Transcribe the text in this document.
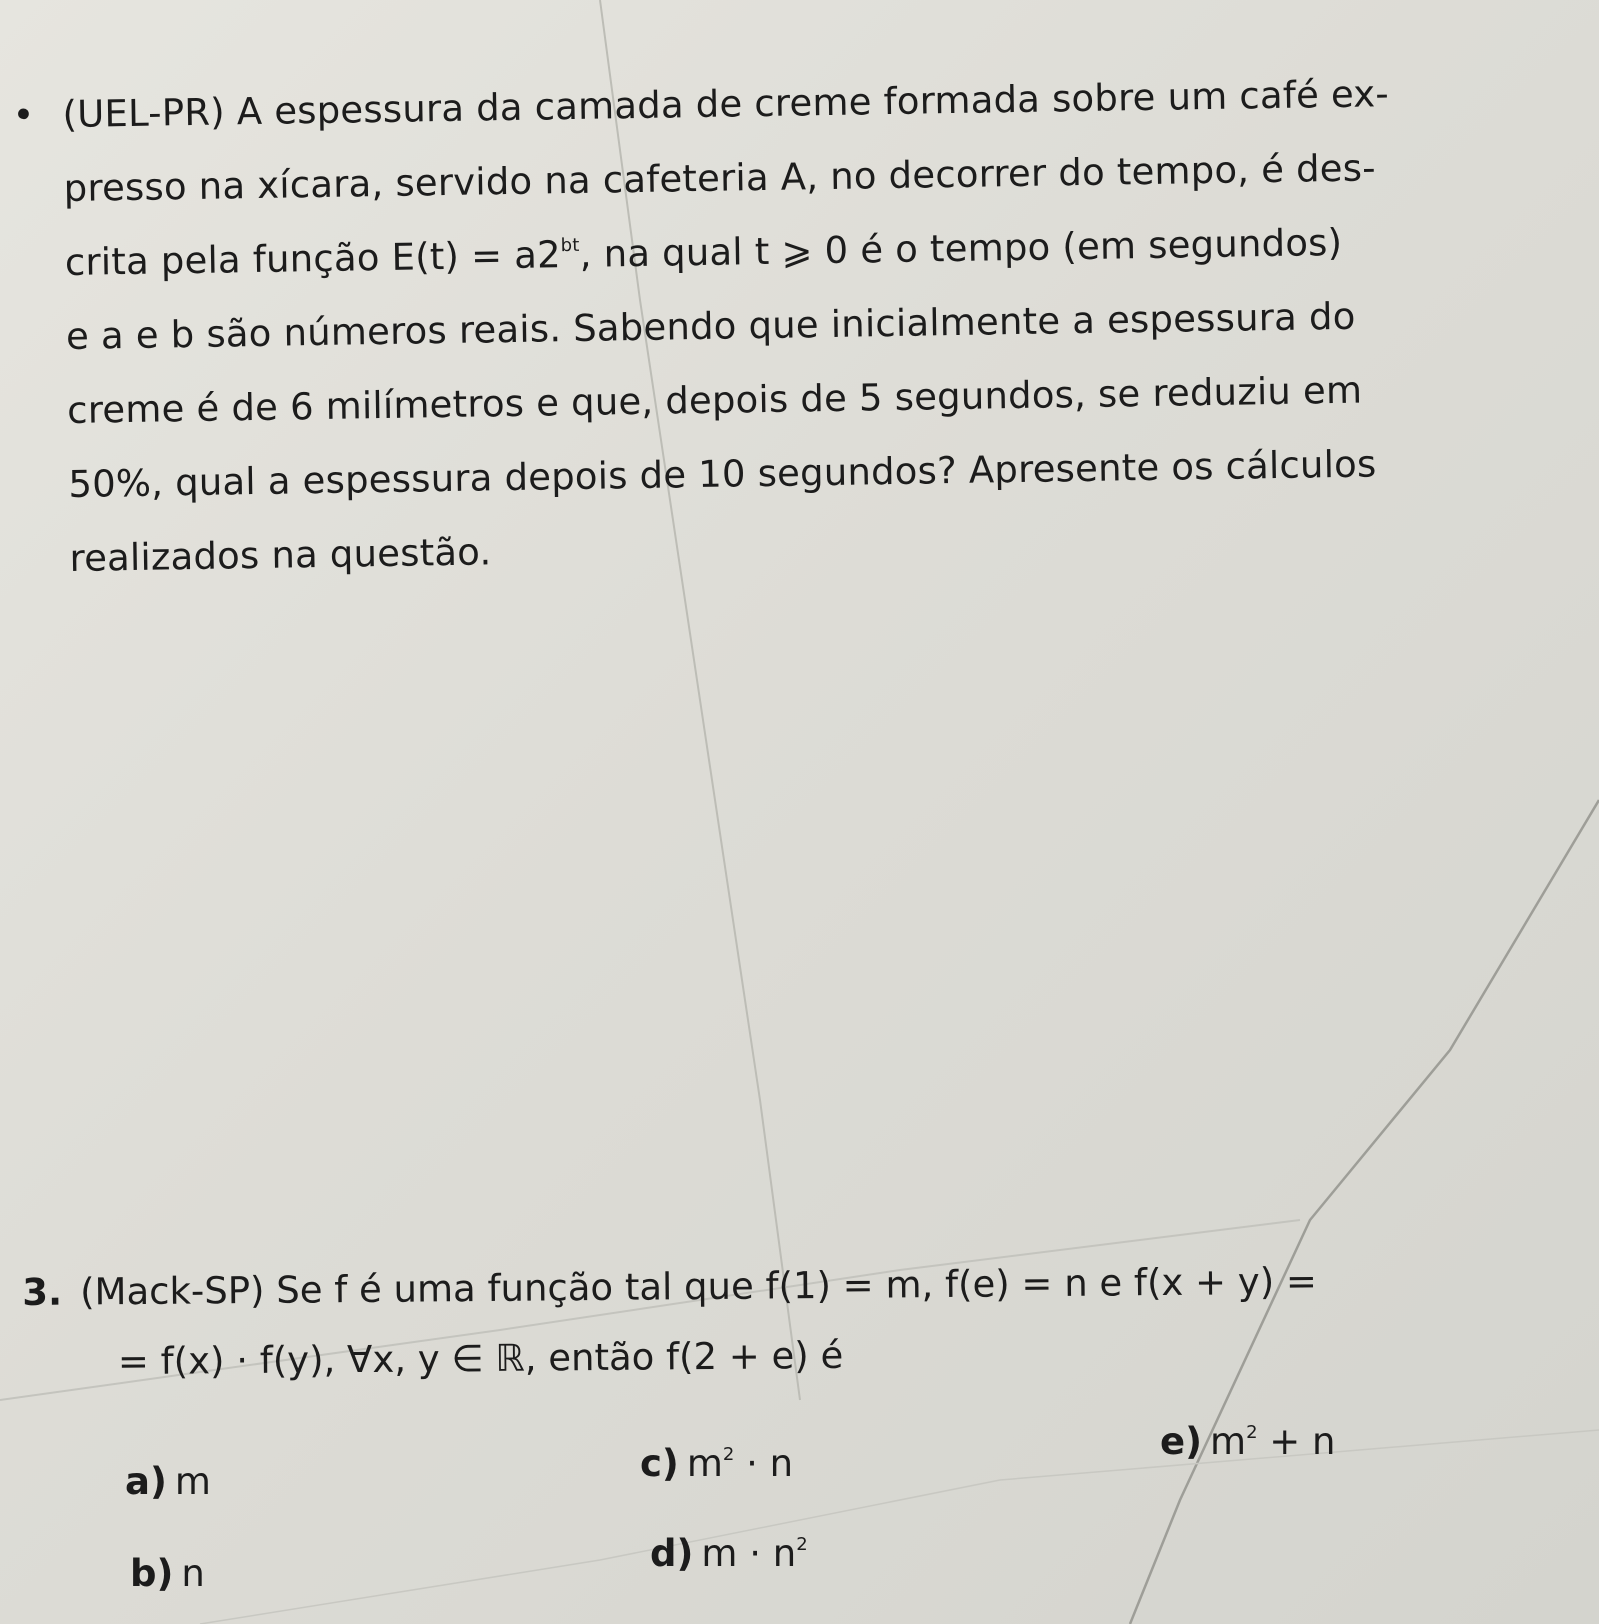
• (UEL-PR) A espessura da camada de creme formada sobre um café ex-
presso na xícara, servido na cafeteria A, no decorrer do tempo, é des-
crita pela função $E(t) = a2^{bt}$, na qual t ⩾ 0 é o tempo (em segundos)
e a e b são números reais. Sabendo que inicialmente a espessura do
creme é de 6 milímetros e que, depois de 5 segundos, se reduziu em
50%, qual a espessura depois de 10 segundos? Apresente os cálculos
realizados na questão.
3. (Mack-SP) Se f é uma função tal que f(1) = m, f(e) = n e f(x + y) =
= f(x) · f(y), ∀x, y ∈ ℝ, então f(2 + e) é
a) m
b) n
c) $m^2 \cdot n$
d) $m \cdot n^2$
e) $m^2 + n$
